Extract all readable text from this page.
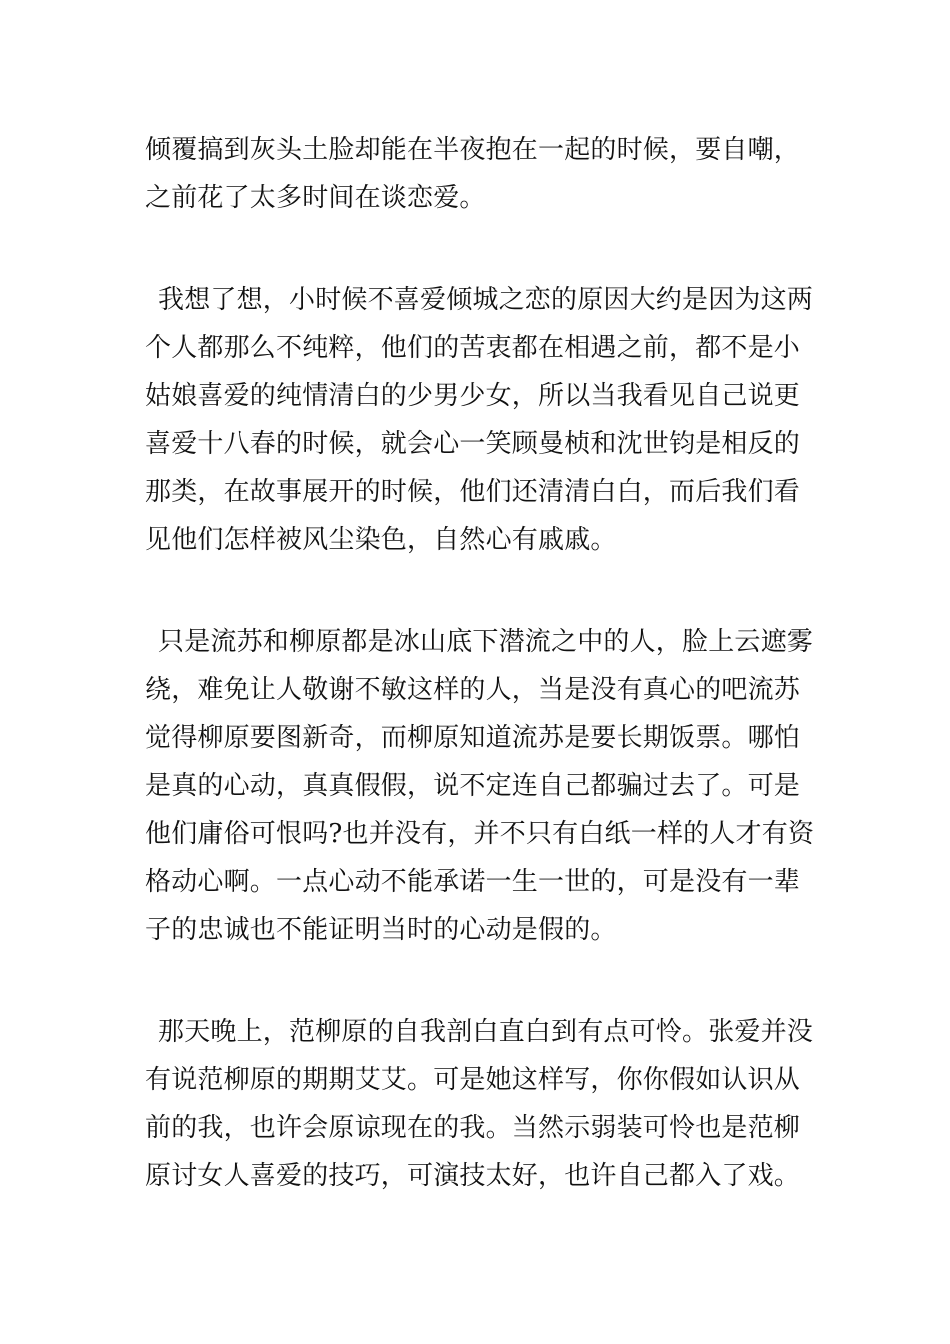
倾覆搞到灰头土脸却能在半夜抱在一起的时候，要自嘲，
之前花了太多时间在谈恋爱。
我想了想，小时候不喜爱倾城之恋的原因大约是因为这两
个人都那么不纯粹，他们的苦衷都在相遇之前，都不是小
姑娘喜爱的纯情清白的少男少女，所以当我看见自己说更
喜爱十八春的时候，就会心一笑顾曼桢和沈世钧是相反的
那类，在故事展开的时候，他们还清清白白，而后我们看
见他们怎样被风尘染色，自然心有戚戚。
只是流苏和柳原都是冰山底下潜流之中的人，脸上云遮雾
绕，难免让人敬谢不敏这样的人，当是没有真心的吧流苏
觉得柳原要图新奇，而柳原知道流苏是要长期饭票。哪怕
是真的心动，真真假假，说不定连自己都骗过去了。可是
他们庸俗可恨吗?也并没有，并不只有白纸一样的人才有资
格动心啊。一点心动不能承诺一生一世的，可是没有一辈
子的忠诚也不能证明当时的心动是假的。
那天晚上，范柳原的自我剖白直白到有点可怜。张爱并没
有说范柳原的期期艾艾。可是她这样写，你你假如认识从
前的我，也许会原谅现在的我。当然示弱装可怜也是范柳
原讨女人喜爱的技巧，可演技太好，也许自己都入了戏。
